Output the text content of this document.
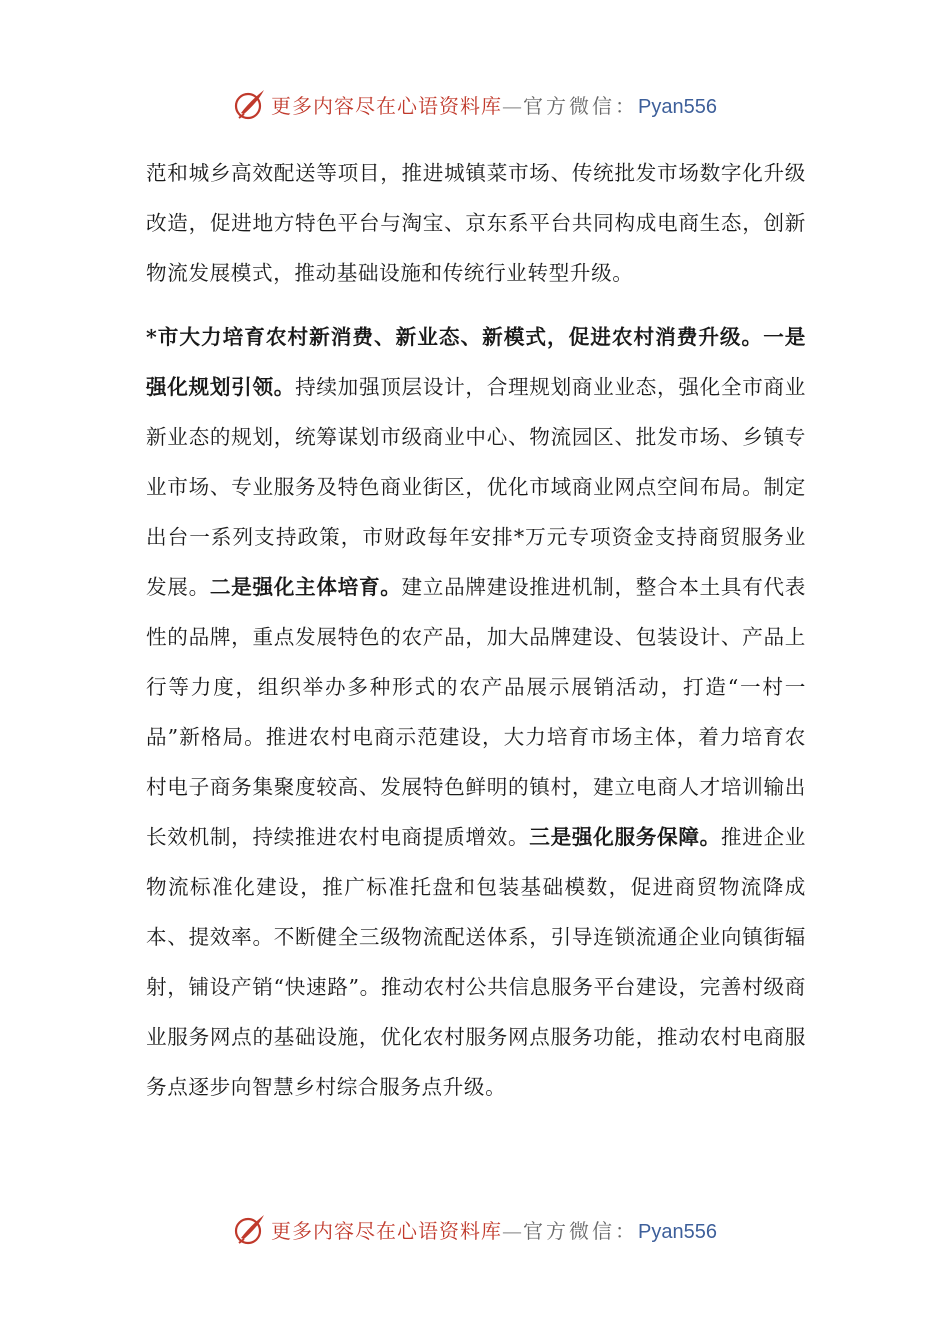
更多内容尽在心语资料库—官方微信：Pyan556

范和城乡高效配送等项目，推进城镇菜市场、传统批发市场数字化升级改造，促进地方特色平台与淘宝、京东系平台共同构成电商生态，创新物流发展模式，推动基础设施和传统行业转型升级。

*市大力培育农村新消费、新业态、新模式，促进农村消费升级。一是强化规划引领。持续加强顶层设计，合理规划商业业态，强化全市商业新业态的规划，统筹谋划市级商业中心、物流园区、批发市场、乡镇专业市场、专业服务及特色商业街区，优化市域商业网点空间布局。制定出台一系列支持政策，市财政每年安排*万元专项资金支持商贸服务业发展。二是强化主体培育。建立品牌建设推进机制，整合本土具有代表性的品牌，重点发展特色的农产品，加大品牌建设、包装设计、产品上行等力度，组织举办多种形式的农产品展示展销活动，打造“一村一品”新格局。推进农村电商示范建设，大力培育市场主体，着力培育农村电子商务集聚度较高、发展特色鲜明的镇村，建立电商人才培训输出长效机制，持续推进农村电商提质增效。三是强化服务保障。推进企业物流标准化建设，推广标准托盘和包装基础模数，促进商贸物流降成本、提效率。不断健全三级物流配送体系，引导连锁流通企业向镇街辐射，铺设产销“快速路”。推动农村公共信息服务平台建设，完善村级商业服务网点的基础设施，优化农村服务网点服务功能，推动农村电商服务点逐步向智慧乡村综合服务点升级。

更多内容尽在心语资料库—官方微信：Pyan556
